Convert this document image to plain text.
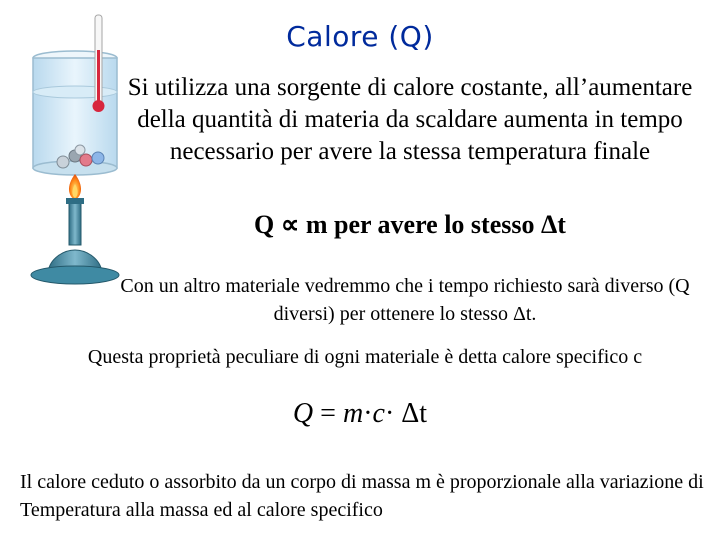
Calore (Q)
Si utilizza una sorgente di calore costante, all’aumentare della quantità di materia da scaldare aumenta in tempo necessario per avere la stessa temperatura finale
Q ∝ m per avere lo stesso Δt
Con un altro materiale vedremmo che i tempo richiesto sarà diverso (Q diversi) per ottenere lo stesso Δt.
Questa proprietà peculiare di ogni materiale è detta calore specifico c
Q = m·c· Δt
Il calore ceduto o assorbito da un corpo di massa m è proporzionale alla variazione di Temperatura alla massa ed al calore specifico
